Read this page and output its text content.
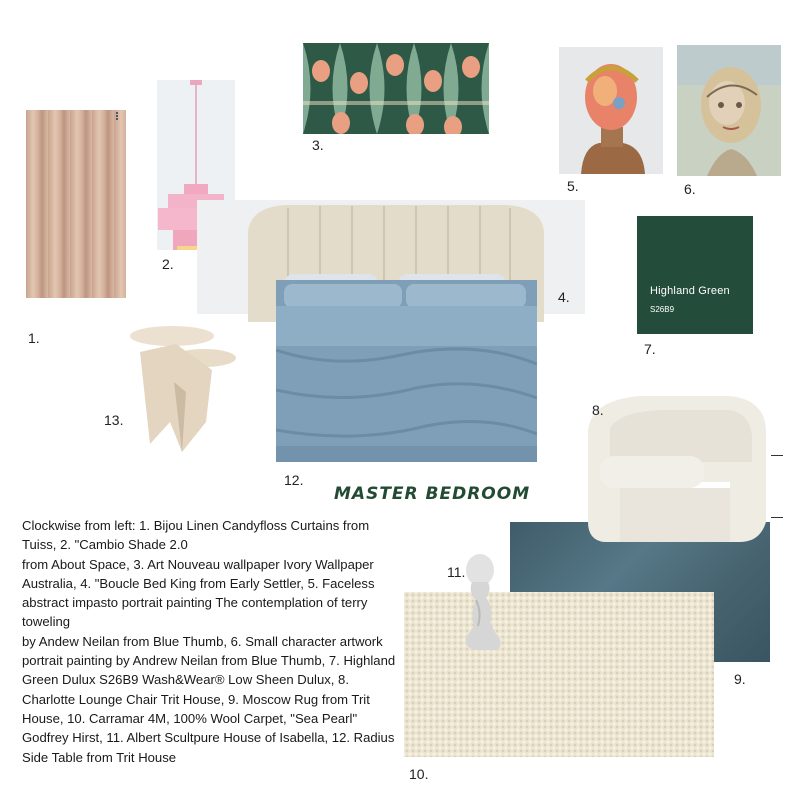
1.
2.
3.
5.	6.
4.
12.
Highland Green
S26B9
7.
13.
MASTER BEDROOM
9.
8.
10.
11.
Clockwise from left: 1. Bijou Linen Candyfloss Curtains from Tuiss, 2. "Cambio Shade 2.0
from About Space, 3. Art Nouveau wallpaper Ivory Wallpaper Australia, 4. "Boucle Bed King from Early Settler, 5. Faceless abstract impasto portrait painting The contemplation of terry toweling
by Andew Neilan from Blue Thumb, 6. Small character artwork portrait painting by Andrew Neilan from Blue Thumb, 7. Highland Green Dulux S26B9 Wash&Wear® Low Sheen Dulux, 8. Charlotte Lounge Chair Trit House, 9. Moscow Rug from Trit House, 10. Carramar 4M, 100% Wool Carpet, "Sea Pearl" Godfrey Hirst, 11. Albert Scultpure House of Isabella, 12. Radius Side Table from Trit House
